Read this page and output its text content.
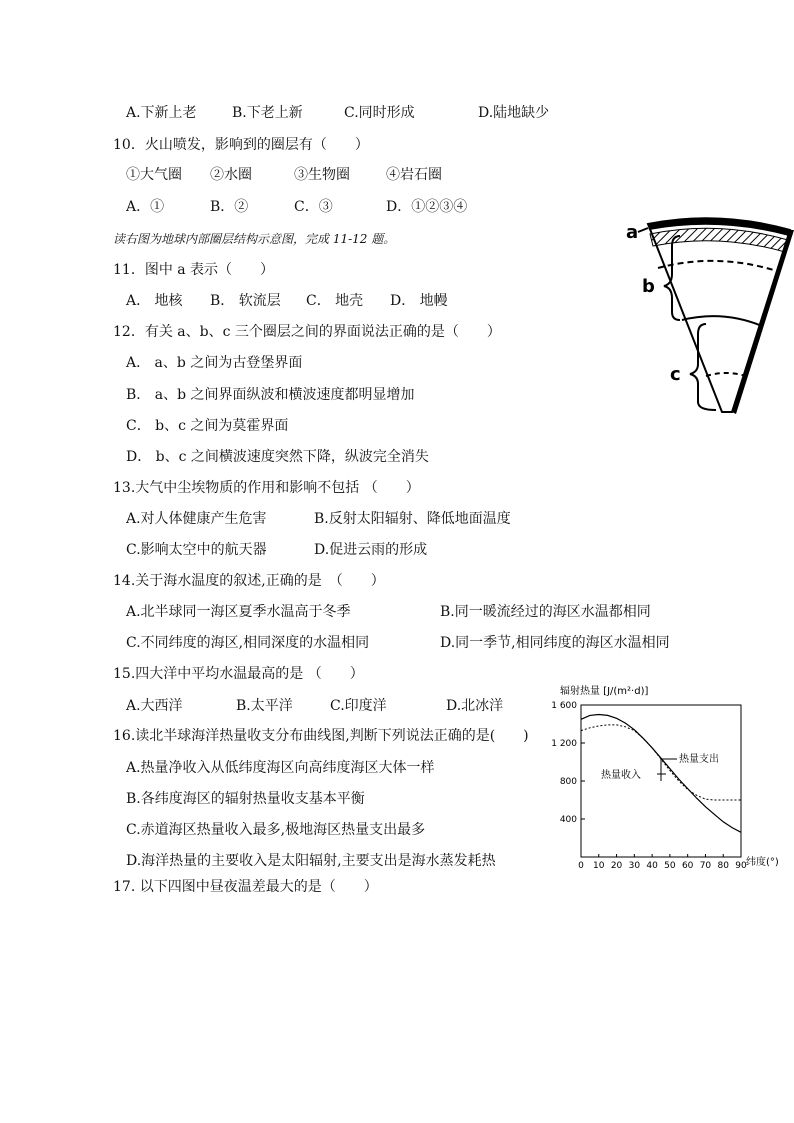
A.下新上老	B.下老上新	C.同时形成	D.陆地缺少
10．火山喷发，影响到的圈层有（　　）
①大气圈 ②水圈	③生物圈	④岩石圈
A．①	B．②	C．③	D．①②③④
读右图为地球内部圈层结构示意图，完成 11-12 题。
11．图中 a 表示（　　）
A． 地核 B． 软流层 C． 地壳 D． 地幔
12．有关 a、b、c 三个圈层之间的界面说法正确的是（　　）
A． a、b 之间为古登堡界面
B． a、b 之间界面纵波和横波速度都明显增加
C． b、c 之间为莫霍界面
D． b、c 之间横波速度突然下降，纵波完全消失
13.大气中尘埃物质的作用和影响不包括 （　　）
A.对人体健康产生危害	B.反射太阳辐射、降低地面温度
C.影响太空中的航天器	D.促进云雨的形成
14.关于海水温度的叙述,正确的是　（　　）
A.北半球同一海区夏季水温高于冬季	B.同一暖流经过的海区水温都相同
C.不同纬度的海区,相同深度的水温相同	D.同一季节,相同纬度的海区水温相同
15.四大洋中平均水温最高的是 （　　）
A.大西洋	B.太平洋	C.印度洋	D.北冰洋
16.读北半球海洋热量收支分布曲线图,判断下列说法正确的是(　　)
A.热量净收入从低纬度海区向高纬度海区大体一样
B.各纬度海区的辐射热量收支基本平衡
C.赤道海区热量收入最多,极地海区热量支出最多
D.海洋热量的主要收入是太阳辐射,主要支出是海水蒸发耗热
17. 以下四图中昼夜温差最大的是（　　）
a
b
c
辐射热量 [J/(m²·d)]
400
800
1 200
1 600
0 10 20 30 40 50 60 70 80 90
热量支出
热量收入
纬度(°)
